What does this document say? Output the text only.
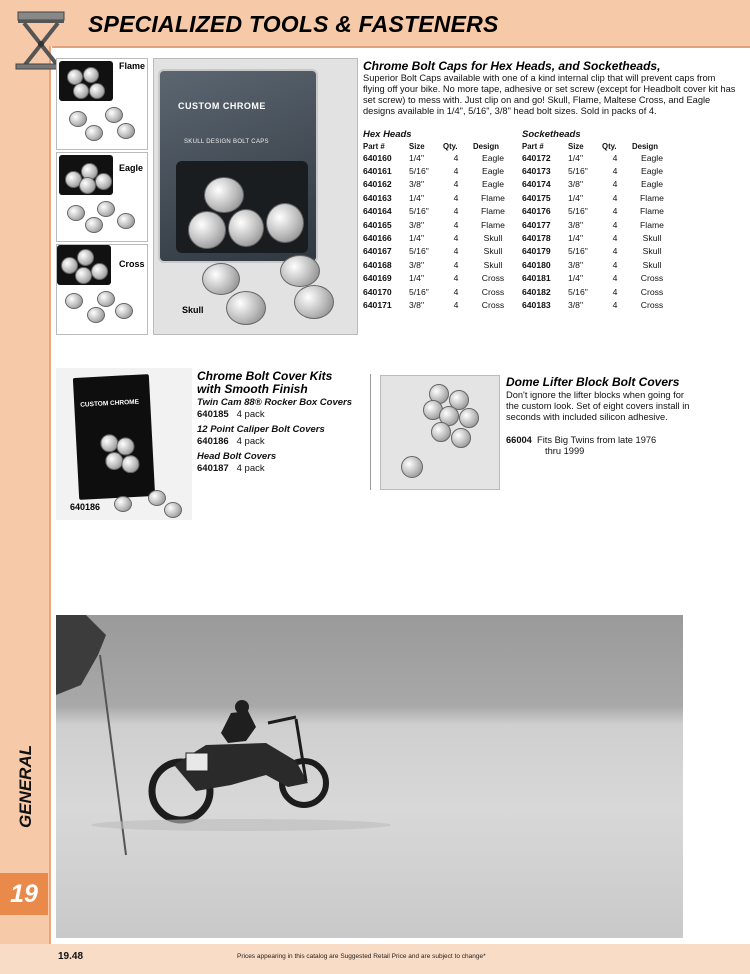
SPECIALIZED TOOLS & FASTENERS
Flame
Eagle
Cross
CUSTOM CHROME
SKULL DESIGN BOLT CAPS
Skull
Chrome Bolt Caps for Hex Heads, and Socketheads,
Superior Bolt Caps available with one of a kind internal clip that will prevent caps from flying off your bike. No more tape, adhesive or set screw (except for Headbolt cover kit has set screw) to mess with. Just clip on and go! Skull, Flame, Maltese Cross, and Eagle designs available in 1/4", 5/16", 3/8" head bolt sizes. Sold in packs of 4.
Hex Heads	Socketheads
Part #	Size	Qty.	Design
640160	1/4"	4	Eagle
640161	5/16"	4	Eagle
640162	3/8"	4	Eagle
640163	1/4"	4	Flame
640164	5/16"	4	Flame
640165	3/8"	4	Flame
640166	1/4"	4	Skull
640167	5/16"	4	Skull
640168	3/8"	4	Skull
640169	1/4"	4	Cross
640170	5/16"	4	Cross
640171	3/8"	4	Cross
Part #	Size	Qty.	Design
640172	1/4"	4	Eagle
640173	5/16"	4	Eagle
640174	3/8"	4	Eagle
640175	1/4"	4	Flame
640176	5/16"	4	Flame
640177	3/8"	4	Flame
640178	1/4"	4	Skull
640179	5/16"	4	Skull
640180	3/8"	4	Skull
640181	1/4"	4	Cross
640182	5/16"	4	Cross
640183	3/8"	4	Cross
CUSTOM CHROME
640186
Chrome Bolt Cover Kits
with Smooth Finish
Twin Cam 88® Rocker Box Covers
640185 4 pack
12 Point Caliper Bolt Covers
640186 4 pack
Head Bolt Covers
640187 4 pack
Dome Lifter Block Bolt Covers
Don't ignore the lifter blocks when going for the custom look. Set of eight covers install in seconds with included silicon adhesive.
66004 Fits Big Twins from late 1976
thru 1999
GENERAL
19
19.48	Prices appearing in this catalog are Suggested Retail Price and are subject to change*
